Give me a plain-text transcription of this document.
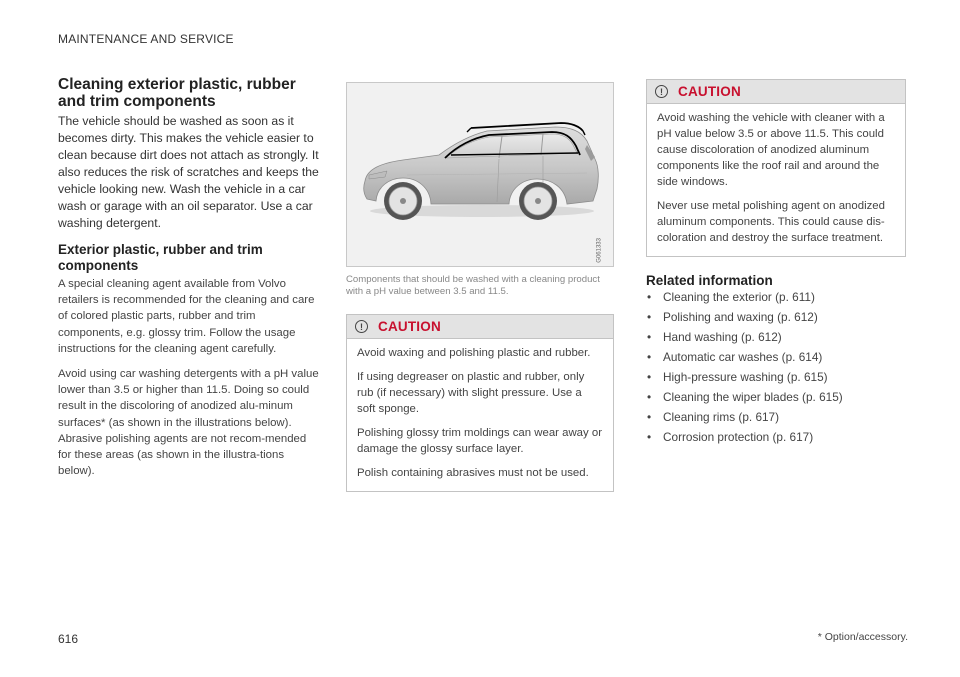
MAINTENANCE AND SERVICE
Cleaning exterior plastic, rubber and trim components

The vehicle should be washed as soon as it becomes dirty. This makes the vehicle easier to clean because dirt does not attach as strongly. It also reduces the risk of scratches and keeps the vehicle looking new. Wash the vehicle in a car wash or garage with an oil separator. Use a car washing detergent.

Exterior plastic, rubber and trim components

A special cleaning agent available from Volvo retailers is recommended for the cleaning and care of colored plastic parts, rubber and trim components, e.g. glossy trim. Follow the usage instructions for the cleaning agent carefully.

Avoid using car washing detergents with a pH value lower than 3.5 or higher than 11.5. Doing so could result in the discoloring of anodized alu-minum surfaces* (as shown in the illustrations below). Abrasive polishing agents are not recom-mended for these areas (as shown in the illustra-tions below).

G061333

Components that should be washed with a cleaning product with a pH value between 3.5 and 11.5.

!	CAUTION

Avoid waxing and polishing plastic and rubber.

If using degreaser on plastic and rubber, only rub (if necessary) with slight pressure. Use a soft sponge.

Polishing glossy trim moldings can wear away or damage the glossy surface layer.

Polish containing abrasives must not be used.

!	CAUTION

Avoid washing the vehicle with cleaner with a pH value below 3.5 or above 11.5. This could cause discoloration of anodized aluminum components like the roof rail and around the side windows.

Never use metal polishing agent on anodized aluminum components. This could cause dis-coloration and destroy the surface treatment.

Related information
• Cleaning the exterior (p. 611)
• Polishing and waxing (p. 612)
• Hand washing (p. 612)
• Automatic car washes (p. 614)
• High-pressure washing (p. 615)
• Cleaning the wiper blades (p. 615)
• Cleaning rims (p. 617)
• Corrosion protection (p. 617)
616	* Option/accessory.
